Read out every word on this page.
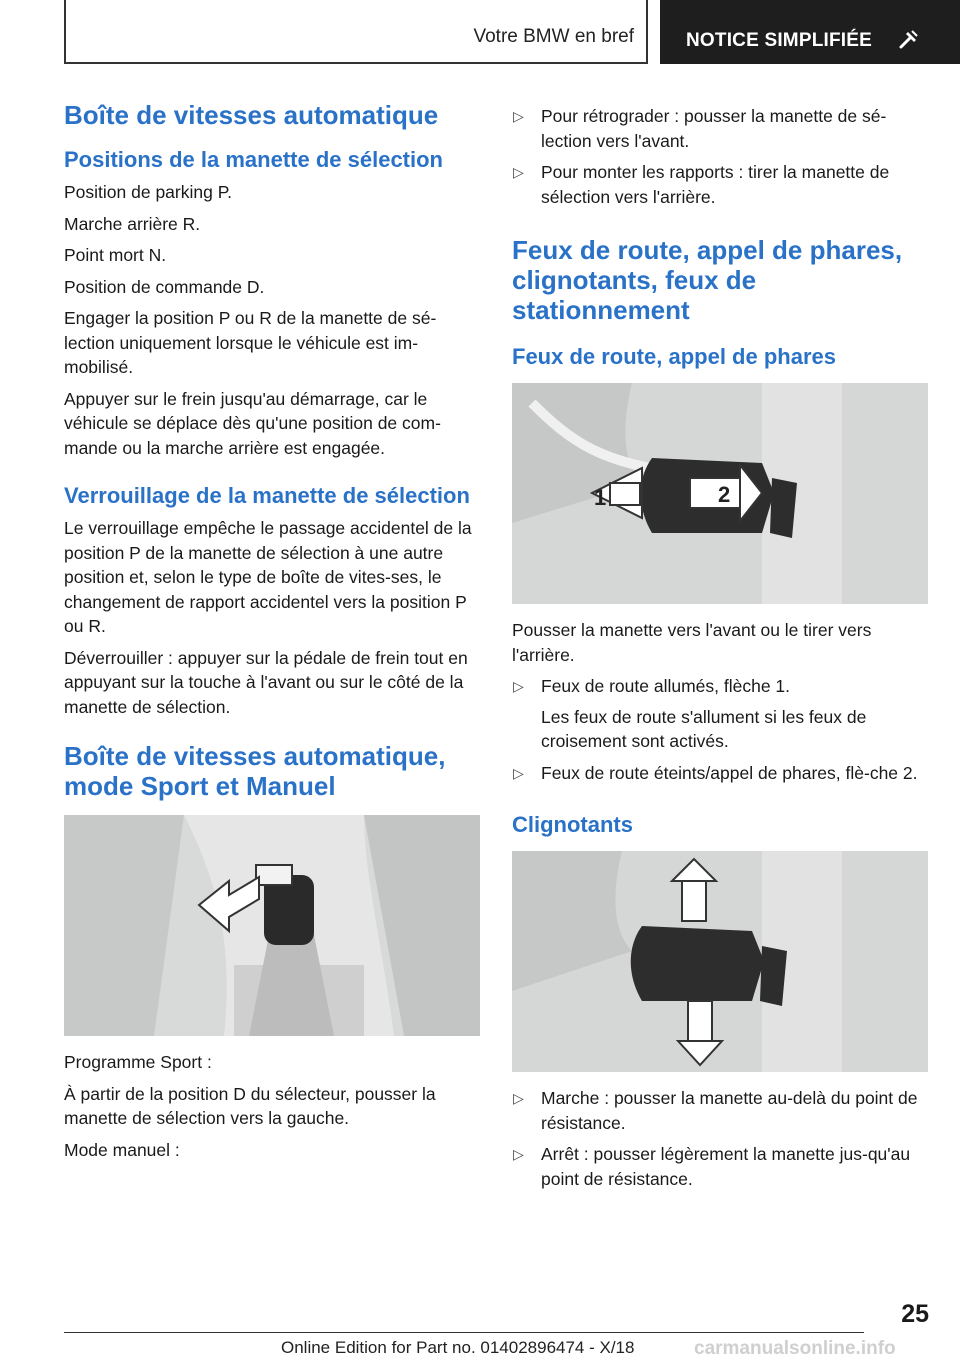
Votre BMW en bref	NOTICE SIMPLIFIÉE
Boîte de vitesses automatique
Positions de la manette de sélection

Position de parking P.

Marche arrière R.

Point mort N.

Position de commande D.

Engager la position P ou R de la manette de sé-lection uniquement lorsque le véhicule est im-mobilisé.

Appuyer sur le frein jusqu'au démarrage, car le véhicule se déplace dès qu'une position de com-mande ou la marche arrière est engagée.

Verrouillage de la manette de sélection

Le verrouillage empêche le passage accidentel de la position P de la manette de sélection à une autre position et, selon le type de boîte de vites-ses, le changement de rapport accidentel vers la position P ou R.

Déverrouiller : appuyer sur la pédale de frein tout en appuyant sur la touche à l'avant ou sur le côté de la manette de sélection.

Boîte de vitesses automatique, mode Sport et Manuel

Programme Sport :

À partir de la position D du sélecteur, pousser la manette de sélection vers la gauche.

Mode manuel :

▷ Pour rétrograder : pousser la manette de sé-lection vers l'avant.
▷ Pour monter les rapports : tirer la manette de sélection vers l'arrière.
Feux de route, appel de phares, clignotants, feux de stationnement
Feux de route, appel de phares
1	2

Pousser la manette vers l'avant ou le tirer vers l'arrière.

▷ Feux de route allumés, flèche 1.
Les feux de route s'allument si les feux de croisement sont activés.
▷ Feux de route éteints/appel de phares, flè-che 2.
Clignotants
▷ Marche : pousser la manette au-delà du point de résistance.
▷ Arrêt : pousser légèrement la manette jus-qu'au point de résistance.
25
Online Edition for Part no. 01402896474 - X/18	carmanualsonline.info
